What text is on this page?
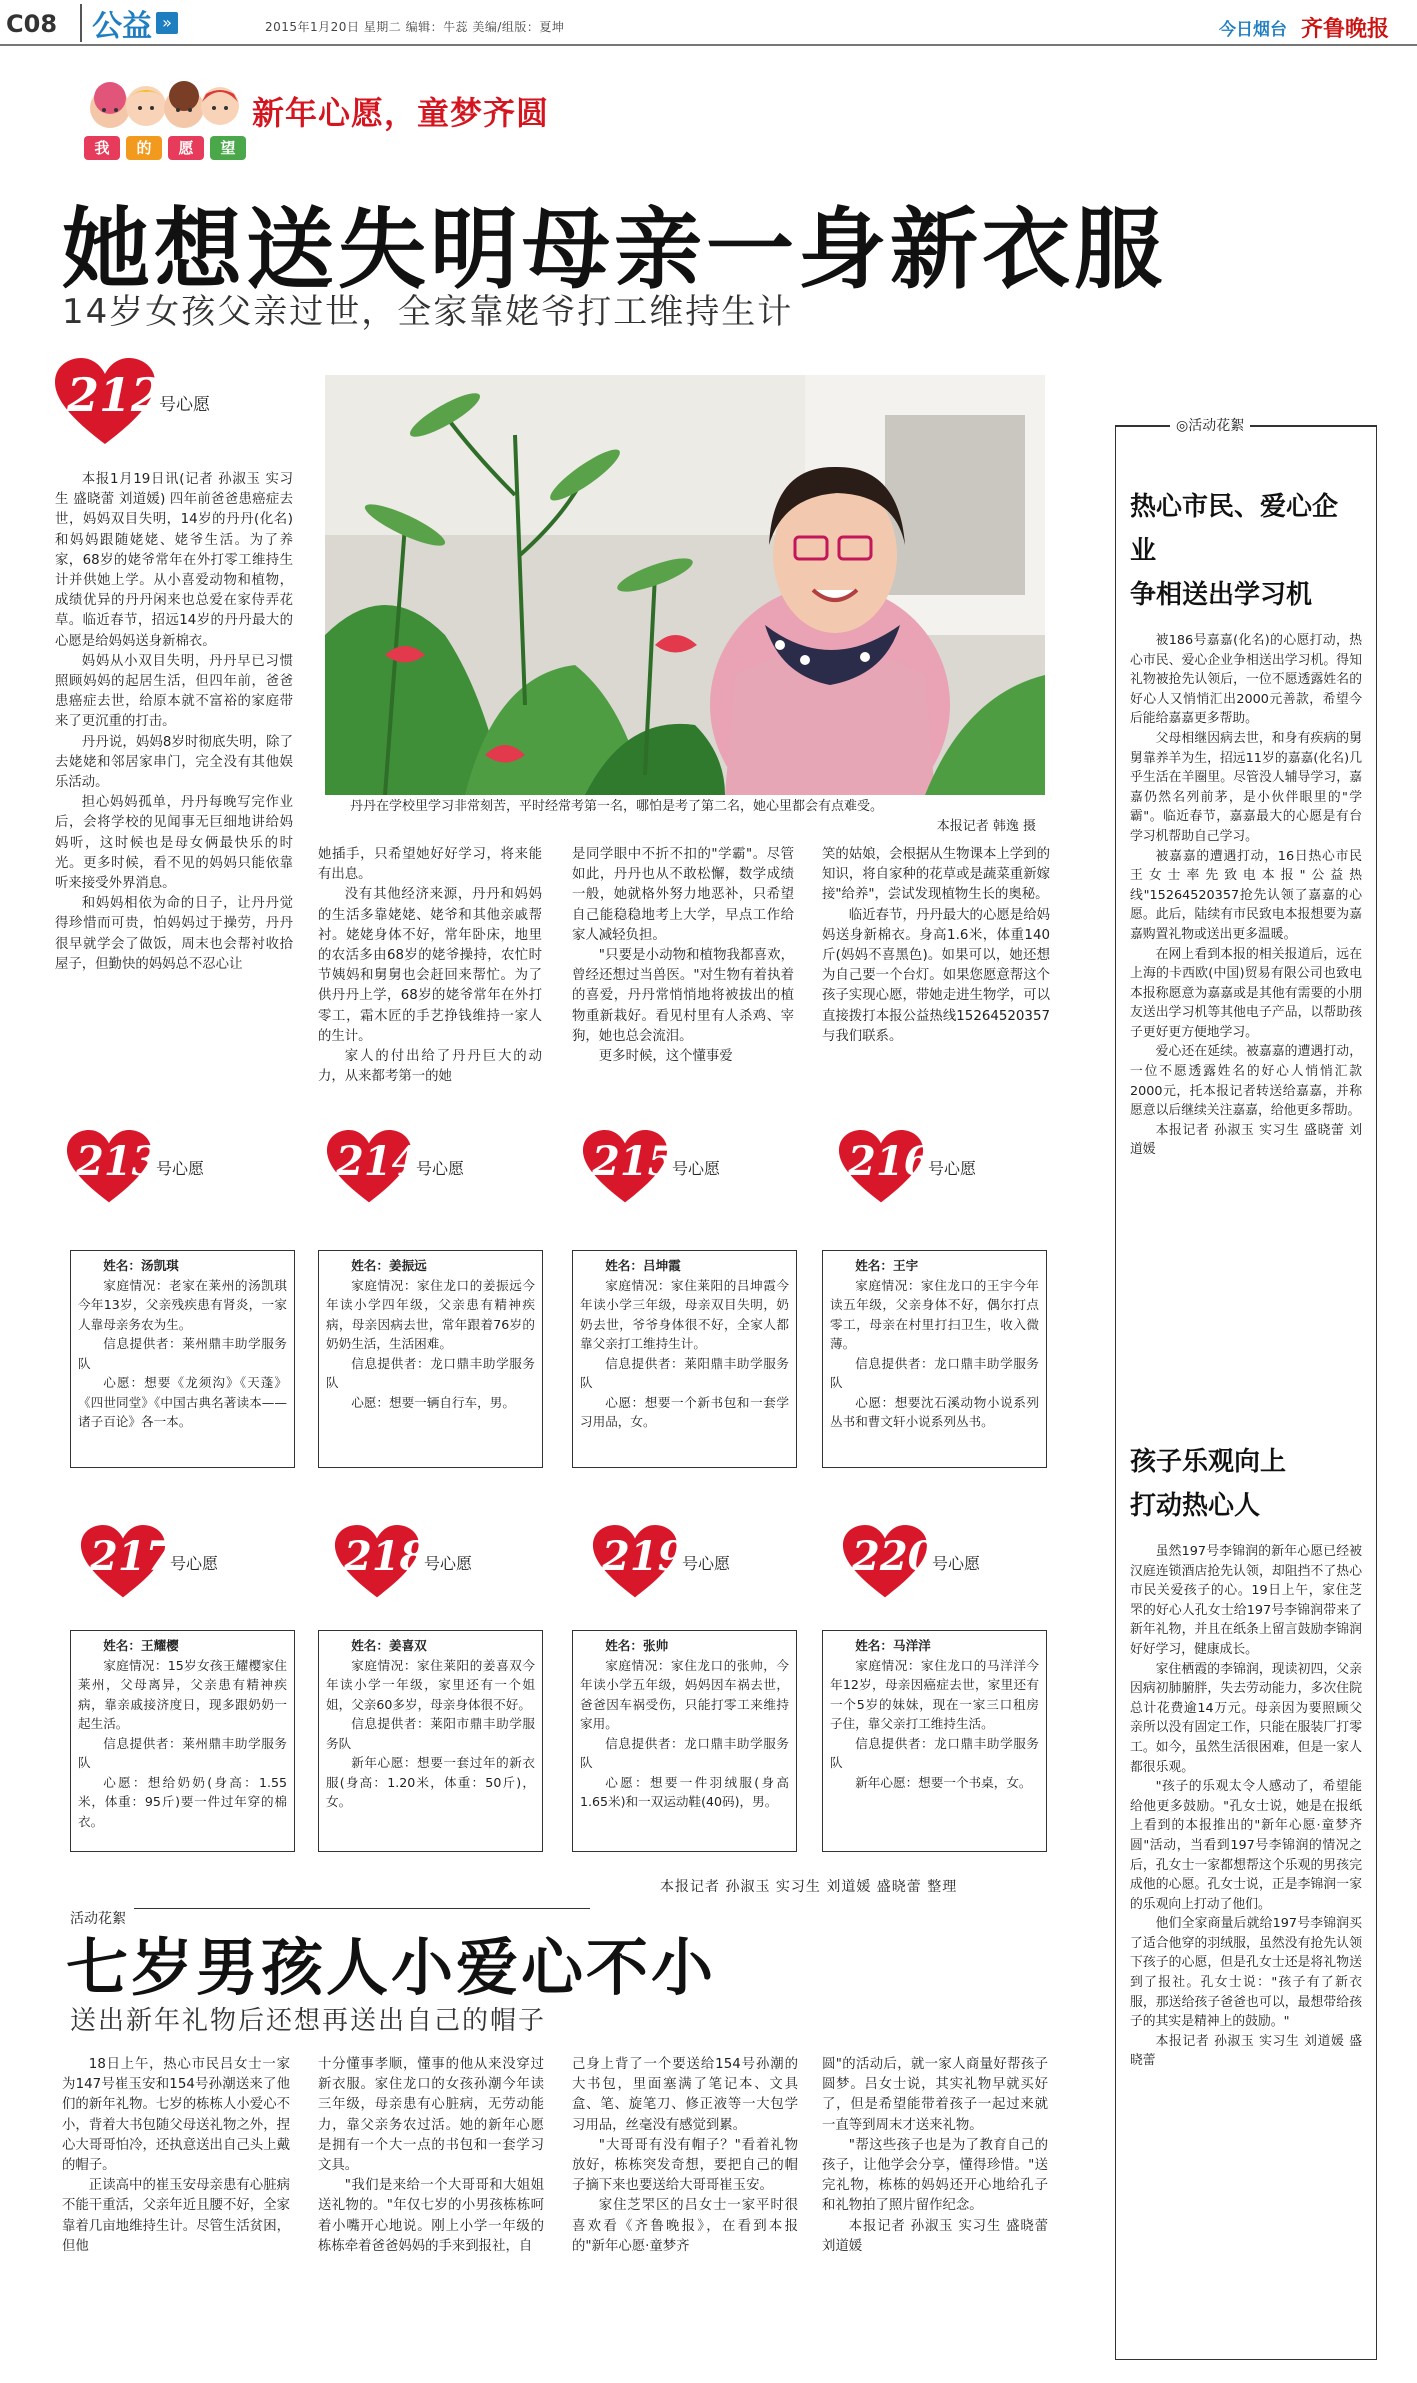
C08 公益 »	2015年1月20日 星期二 编辑：牛蕊 美编/组版：夏坤	今日烟台 齐鲁晚报
我	的	愿	望
新年心愿，童梦齐圆
她想送失明母亲一身新衣服
14岁女孩父亲过世，全家靠姥爷打工维持生计
212
号心愿

本报1月19日讯(记者 孙淑玉 实习生 盛晓蕾 刘道媛) 四年前爸爸患癌症去世，妈妈双目失明，14岁的丹丹(化名)和妈妈跟随姥姥、姥爷生活。为了养家，68岁的姥爷常年在外打零工维持生计并供她上学。从小喜爱动物和植物，成绩优异的丹丹闲来也总爱在家侍弄花草。临近春节，招远14岁的丹丹最大的心愿是给妈妈送身新棉衣。

妈妈从小双目失明，丹丹早已习惯照顾妈妈的起居生活，但四年前，爸爸患癌症去世，给原本就不富裕的家庭带来了更沉重的打击。

丹丹说，妈妈8岁时彻底失明，除了去姥姥和邻居家串门，完全没有其他娱乐活动。

担心妈妈孤单，丹丹每晚写完作业后，会将学校的见闻事无巨细地讲给妈妈听，这时候也是母女俩最快乐的时光。更多时候，看不见的妈妈只能依靠听来接受外界消息。

和妈妈相依为命的日子，让丹丹觉得珍惜而可贵，怕妈妈过于操劳，丹丹很早就学会了做饭，周末也会帮衬收拾屋子，但勤快的妈妈总不忍心让

她插手，只希望她好好学习，将来能有出息。

没有其他经济来源，丹丹和妈妈的生活多靠姥姥、姥爷和其他亲戚帮衬。姥姥身体不好，常年卧床，地里的农活多由68岁的姥爷操持，农忙时节姨妈和舅舅也会赶回来帮忙。为了供丹丹上学，68岁的姥爷常年在外打零工，霜木匠的手艺挣钱维持一家人的生计。

家人的付出给了丹丹巨大的动力，从来都考第一的她

是同学眼中不折不扣的"学霸"。尽管如此，丹丹也从不敢松懈，数学成绩一般，她就格外努力地恶补，只希望自己能稳稳地考上大学，早点工作给家人减轻负担。

"只要是小动物和植物我都喜欢，曾经还想过当兽医。"对生物有着执着的喜爱，丹丹常悄悄地将被拔出的植物重新栽好。看见村里有人杀鸡、宰狗，她也总会流泪。

更多时候，这个懂事爱

笑的姑娘，会根据从生物课本上学到的知识，将自家种的花草或是蔬菜重新嫁接"给养"，尝试发现植物生长的奥秘。

临近春节，丹丹最大的心愿是给妈妈送身新棉衣。身高1.6米，体重140斤(妈妈不喜黑色)。如果可以，她还想为自己要一个台灯。如果您愿意帮这个孩子实现心愿，带她走进生物学，可以直接拨打本报公益热线15264520357与我们联系。

丹丹在学校里学习非常刻苦，平时经常考第一名，哪怕是考了第二名，她心里都会有点难受。
本报记者 韩逸 摄
213
号心愿
姓名：汤凯琪

家庭情况：老家在莱州的汤凯琪今年13岁，父亲残疾患有肾炎，一家人靠母亲务农为生。

信息提供者：莱州鼎丰助学服务队

心愿：想要《龙须沟》《天蓬》《四世同堂》《中国古典名著读本——诸子百论》各一本。

214
号心愿
姓名：姜振远

家庭情况：家住龙口的姜振远今年读小学四年级，父亲患有精神疾病，母亲因病去世，常年跟着76岁的奶奶生活，生活困难。

信息提供者：龙口鼎丰助学服务队

心愿：想要一辆自行车，男。

215
号心愿
姓名：吕坤霞

家庭情况：家住莱阳的吕坤霞今年读小学三年级，母亲双目失明，奶奶去世，爷爷身体很不好，全家人都靠父亲打工维持生计。

信息提供者：莱阳鼎丰助学服务队

心愿：想要一个新书包和一套学习用品，女。

216
号心愿
姓名：王宇

家庭情况：家住龙口的王宇今年读五年级，父亲身体不好，偶尔打点零工，母亲在村里打扫卫生，收入微薄。

信息提供者：龙口鼎丰助学服务队

心愿：想要沈石溪动物小说系列丛书和曹文轩小说系列丛书。

217
号心愿
姓名：王耀樱

家庭情况：15岁女孩王耀樱家住莱州，父母离异，父亲患有精神疾病，靠亲戚接济度日，现多跟奶奶一起生活。

信息提供者：莱州鼎丰助学服务队

心愿：想给奶奶(身高：1.55米，体重：95斤)要一件过年穿的棉衣。

218
号心愿
姓名：姜喜双

家庭情况：家住莱阳的姜喜双今年读小学一年级，家里还有一个姐姐，父亲60多岁，母亲身体很不好。

信息提供者：莱阳市鼎丰助学服务队

新年心愿：想要一套过年的新衣服(身高：1.20米，体重：50斤)，女。

219
号心愿
姓名：张帅

家庭情况：家住龙口的张帅，今年读小学五年级，妈妈因车祸去世，爸爸因车祸受伤，只能打零工来维持家用。

信息提供者：龙口鼎丰助学服务队

心愿：想要一件羽绒服(身高1.65米)和一双运动鞋(40码)，男。

220
号心愿
姓名：马洋洋

家庭情况：家住龙口的马洋洋今年12岁，母亲因癌症去世，家里还有一个5岁的妹妹，现在一家三口租房子住，靠父亲打工维持生活。

信息提供者：龙口鼎丰助学服务队

新年心愿：想要一个书桌，女。

本报记者 孙淑玉 实习生 刘道媛 盛晓蕾 整理
◎活动花絮
热心市民、爱心企业
争相送出学习机

被186号嘉嘉(化名)的心愿打动，热心市民、爱心企业争相送出学习机。得知礼物被抢先认领后，一位不愿透露姓名的好心人又悄悄汇出2000元善款，希望今后能给嘉嘉更多帮助。

父母相继因病去世，和身有疾病的舅舅靠养羊为生，招远11岁的嘉嘉(化名)几乎生活在羊圈里。尽管没人辅导学习，嘉嘉仍然名列前茅，是小伙伴眼里的"学霸"。临近春节，嘉嘉最大的心愿是有台学习机帮助自己学习。

被嘉嘉的遭遇打动，16日热心市民王女士率先致电本报"公益热线"15264520357抢先认领了嘉嘉的心愿。此后，陆续有市民致电本报想要为嘉嘉购置礼物或送出更多温暖。

在网上看到本报的相关报道后，远在上海的卡西欧(中国)贸易有限公司也致电本报称愿意为嘉嘉或是其他有需要的小朋友送出学习机等其他电子产品，以帮助孩子更好更方便地学习。

爱心还在延续。被嘉嘉的遭遇打动，一位不愿透露姓名的好心人悄悄汇款2000元，托本报记者转送给嘉嘉，并称愿意以后继续关注嘉嘉，给他更多帮助。

本报记者 孙淑玉 实习生 盛晓蕾 刘道媛

孩子乐观向上
打动热心人

虽然197号李锦润的新年心愿已经被汉庭连锁酒店抢先认领，却阻挡不了热心市民关爱孩子的心。19日上午，家住芝罘的好心人孔女士给197号李锦润带来了新年礼物，并且在纸条上留言鼓励李锦润好好学习，健康成长。

家住栖霞的李锦润，现读初四，父亲因病初肺腑胖，失去劳动能力，多次住院总计花费逾14万元。母亲因为要照顾父亲所以没有固定工作，只能在服装厂打零工。如今，虽然生活很困难，但是一家人都很乐观。

"孩子的乐观太令人感动了，希望能给他更多鼓励。"孔女士说，她是在报纸上看到的本报推出的"新年心愿·童梦齐圆"活动，当看到197号李锦润的情况之后，孔女士一家都想帮这个乐观的男孩完成他的心愿。孔女士说，正是李锦润一家的乐观向上打动了他们。

他们全家商量后就给197号李锦润买了适合他穿的羽绒服，虽然没有抢先认领下孩子的心愿，但是孔女士还是将礼物送到了报社。孔女士说："孩子有了新衣服，那送给孩子爸爸也可以，最想带给孩子的其实是精神上的鼓励。"

本报记者 孙淑玉 实习生 刘道媛 盛晓蕾

活动花絮
七岁男孩人小爱心不小
送出新年礼物后还想再送出自己的帽子

18日上午，热心市民吕女士一家为147号崔玉安和154号孙潮送来了他们的新年礼物。七岁的栋栋人小爱心不小，背着大书包随父母送礼物之外，捏心大哥哥怕冷，还执意送出自己头上戴的帽子。

正读高中的崔玉安母亲患有心脏病不能干重活，父亲年近且腰不好，全家靠着几亩地维持生计。尽管生活贫困，但他

十分懂事孝顺，懂事的他从来没穿过新衣服。家住龙口的女孩孙潮今年读三年级，母亲患有心脏病，无劳动能力，靠父亲务农过活。她的新年心愿是拥有一个大一点的书包和一套学习文具。

"我们是来给一个大哥哥和大姐姐送礼物的。"年仅七岁的小男孩栋栋呵着小嘴开心地说。刚上小学一年级的栋栋牵着爸爸妈妈的手来到报社，自

己身上背了一个要送给154号孙潮的大书包，里面塞满了笔记本、文具盒、笔、旋笔刀、修正液等一大包学习用品，丝毫没有感觉到累。

"大哥哥有没有帽子？"看着礼物放好，栋栋突发奇想，要把自己的帽子摘下来也要送给大哥哥崔玉安。

家住芝罘区的吕女士一家平时很喜欢看《齐鲁晚报》，在看到本报的"新年心愿·童梦齐

圆"的活动后，就一家人商量好帮孩子圆梦。吕女士说，其实礼物早就买好了，但是希望能带着孩子一起过来就一直等到周末才送来礼物。

"帮这些孩子也是为了教育自己的孩子，让他学会分享，懂得珍惜。"送完礼物，栋栋的妈妈还开心地给孔子和礼物拍了照片留作纪念。

本报记者 孙淑玉 实习生 盛晓蕾 刘道媛
